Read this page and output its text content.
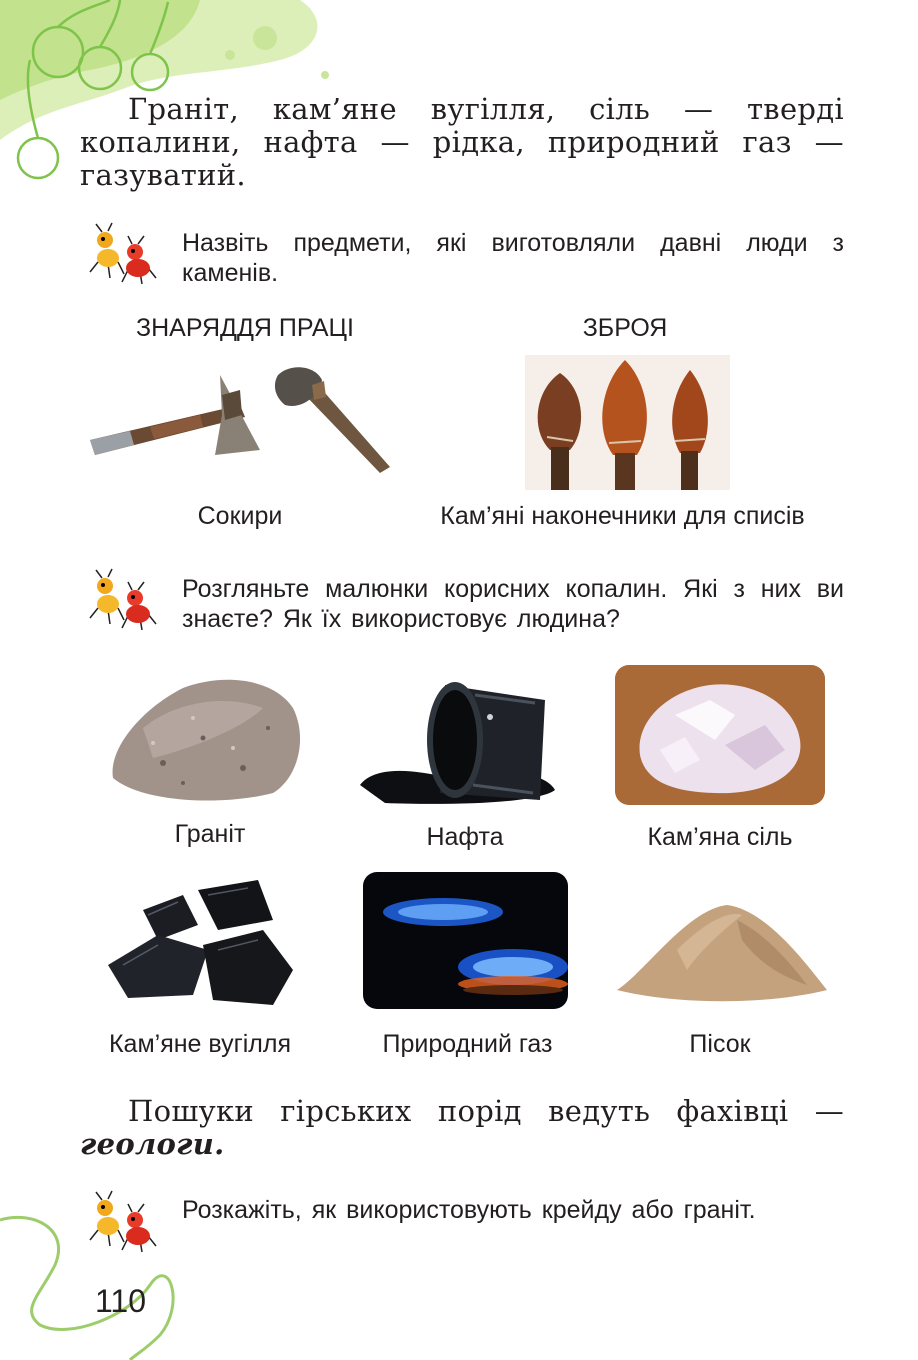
Граніт, кам’яне вугілля, сіль — тверді копалини, нафта — рідка, природний газ — газуватий.
Назвіть предмети, які виготовляли давні люди з каменів.
ЗНАРЯДДЯ ПРАЦІ	ЗБРОЯ
Сокири	Кам’яні наконечники для списів
Розгляньте малюнки корисних копалин. Які з них ви знаєте? Як їх використовує людина?
Граніт	Нафта	Кам’яна сіль
Кам’яне вугілля	Природний газ	Пісок
Пошуки гірських порід ведуть фахівці — геологи.
Розкажіть, як використовують крейду або граніт.
110
